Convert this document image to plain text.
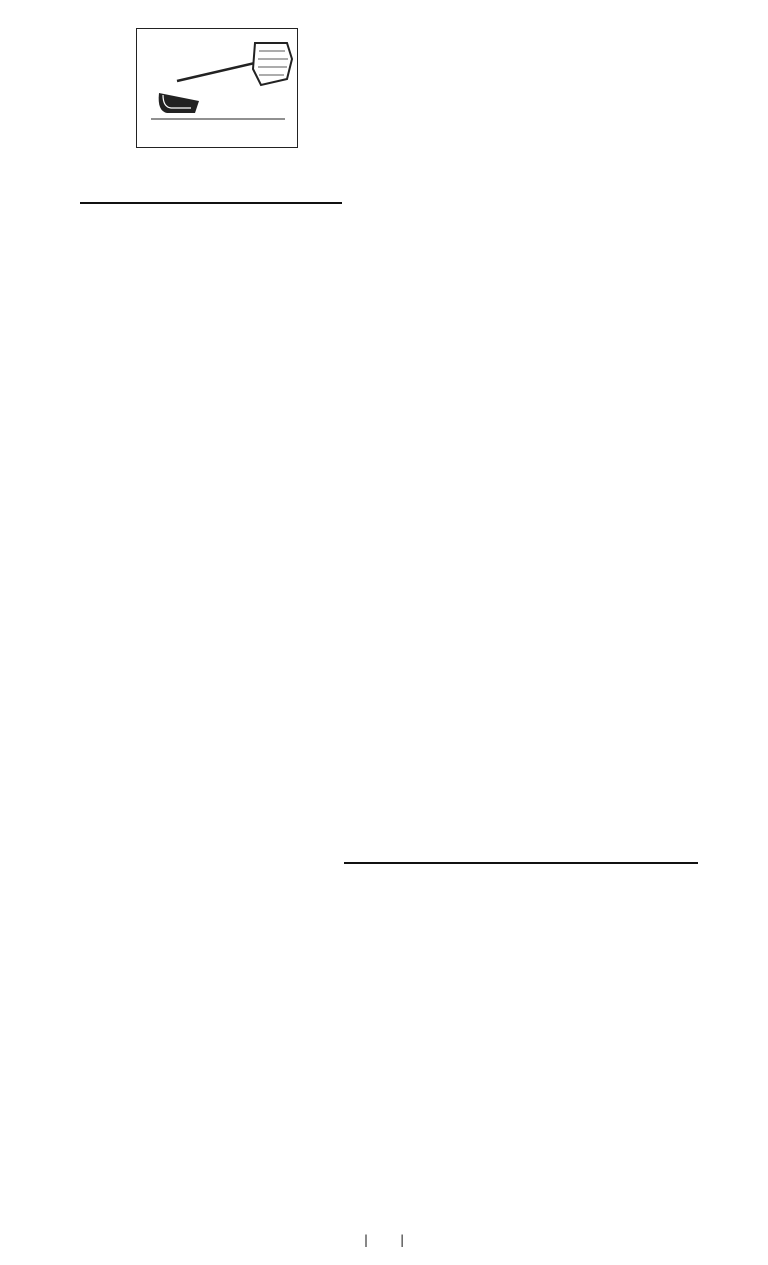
|    |
